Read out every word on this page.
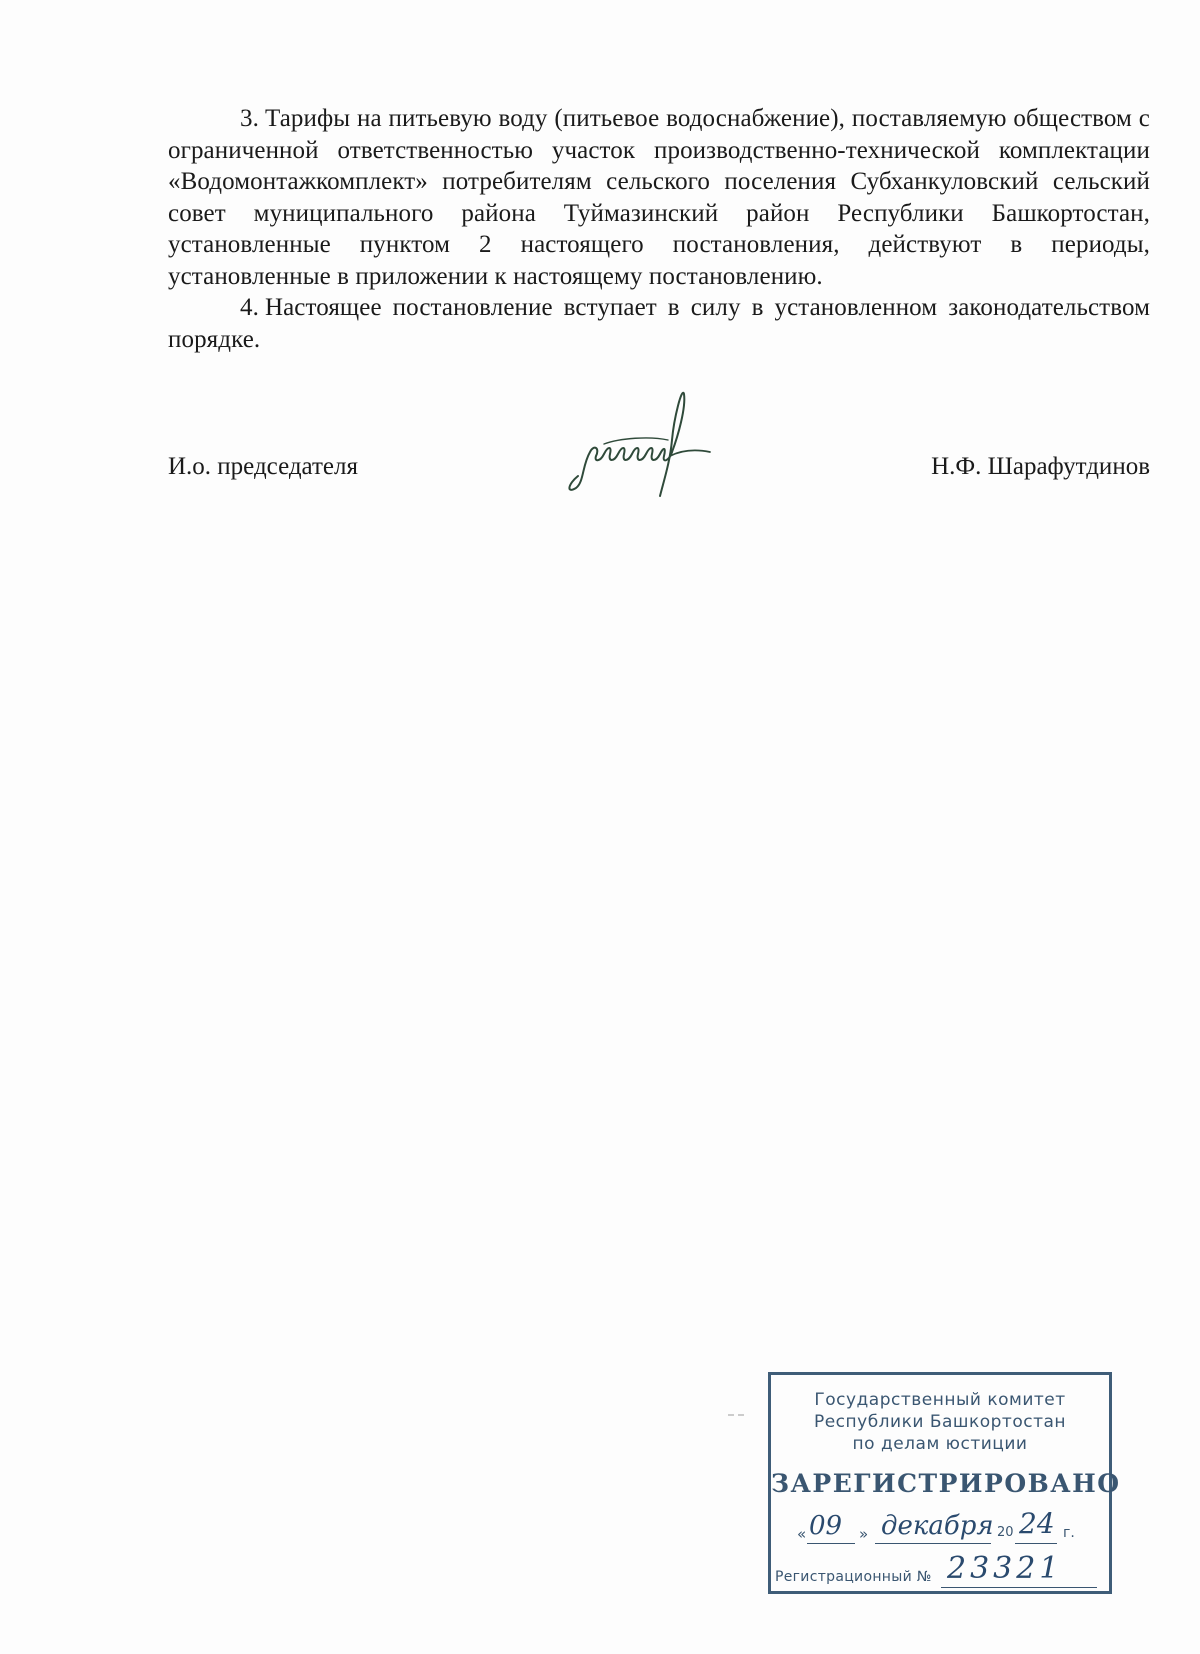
3. Тарифы на питьевую воду (питьевое водоснабжение), поставляемую обществом с ограниченной ответственностью участок производственно-технической комплектации «Водомонтажкомплект» потребителям сельского поселения Субханкуловский сельский совет муниципального района Туймазинский район Республики Башкортостан, установленные пунктом 2 настоящего постановления, действуют в периоды, установленные в приложении к настоящему постановлению.

4. Настоящее постановление вступает в силу в установленном законодательством порядке.

И.о. председателя	Н.Ф. Шарафутдинов
Государственный комитет
Республики Башкортостан
по делам юстиции
ЗАРЕГИСТРИРОВАНО
« 09 » декабря 20 24 г.
Регистрационный № 23321
